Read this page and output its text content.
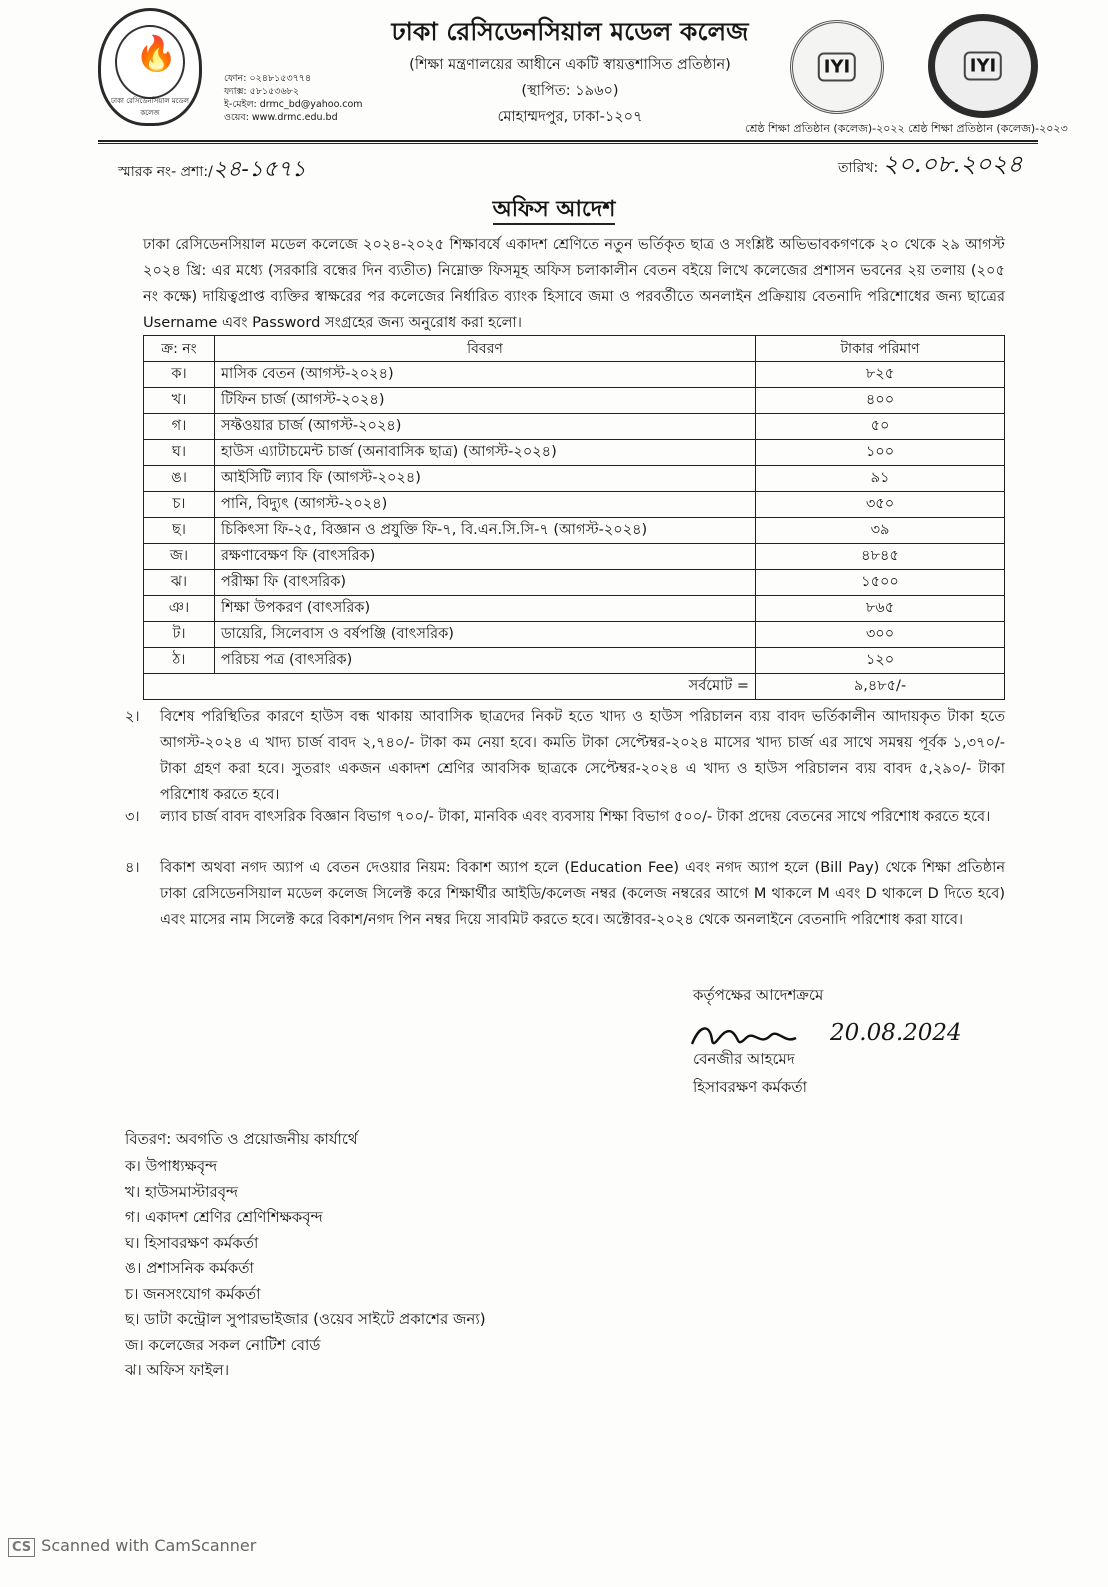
🔥
ঢাকা রেসিডেনসিয়াল মডেল কলেজ
ফোন: ০২৪৮১৫৩৭৭৪
ফ্যাক্স: ৫৮১৫৩৬৮২
ই-মেইল: drmc_bd@yahoo.com
ওয়েব: www.drmc.edu.bd
ঢাকা রেসিডেনসিয়াল মডেল কলেজ
(শিক্ষা মন্ত্রণালয়ের আধীনে একটি স্বায়ত্তশাসিত প্রতিষ্ঠান)
(স্থাপিত: ১৯৬০)
মোহাম্মদপুর, ঢাকা-১২০৭
IYI	IYI
শ্রেষ্ঠ শিক্ষা প্রতিষ্ঠান (কলেজ)-২০২২ শ্রেষ্ঠ শিক্ষা প্রতিষ্ঠান (কলেজ)-২০২৩
স্মারক নং- প্রশা:/২৪-১৫৭১	তারিখ: ২০.০৮.২০২৪
অফিস আদেশ
ঢাকা রেসিডেনসিয়াল মডেল কলেজে ২০২৪-২০২৫ শিক্ষাবর্ষে একাদশ শ্রেণিতে নতুন ভর্তিকৃত ছাত্র ও সংশ্লিষ্ট অভিভাবকগণকে ২০ থেকে ২৯ আগস্ট ২০২৪ খ্রি: এর মধ্যে (সরকারি বন্ধের দিন ব্যতীত) নিম্নোক্ত ফিসমূহ অফিস চলাকালীন বেতন বইয়ে লিখে কলেজের প্রশাসন ভবনের ২য় তলায় (২০৫ নং কক্ষে) দায়িত্বপ্রাপ্ত ব্যক্তির স্বাক্ষরের পর কলেজের নির্ধারিত ব্যাংক হিসাবে জমা ও পরবর্তীতে অনলাইন প্রক্রিয়ায় বেতনাদি পরিশোধের জন্য ছাত্রের Username এবং Password সংগ্রহের জন্য অনুরোধ করা হলো।
ক্র: নং	বিবরণ	টাকার পরিমাণ
ক।	মাসিক বেতন (আগস্ট-২০২৪)	৮২৫
খ।	টিফিন চার্জ (আগস্ট-২০২৪)	৪০০
গ।	সফ্টওয়ার চার্জ (আগস্ট-২০২৪)	৫০
ঘ।	হাউস এ্যাটাচমেন্ট চার্জ (অনাবাসিক ছাত্র) (আগস্ট-২০২৪)	১০০
ঙ।	আইসিটি ল্যাব ফি (আগস্ট-২০২৪)	৯১
চ।	পানি, বিদ্যুৎ (আগস্ট-২০২৪)	৩৫০
ছ।	চিকিৎসা ফি-২৫, বিজ্ঞান ও প্রযুক্তি ফি-৭, বি.এন.সি.সি-৭ (আগস্ট-২০২৪)	৩৯
জ।	রক্ষণাবেক্ষণ ফি (বাৎসরিক)	৪৮৪৫
ঝ।	পরীক্ষা ফি (বাৎসরিক)	১৫০০
ঞ।	শিক্ষা উপকরণ (বাৎসরিক)	৮৬৫
ট।	ডায়েরি, সিলেবাস ও বর্ষপঞ্জি (বাৎসরিক)	৩০০
ঠ।	পরিচয় পত্র (বাৎসরিক)	১২০
সর্বমোট =		৯,৪৮৫/-
২। বিশেষ পরিস্থিতির কারণে হাউস বন্ধ থাকায় আবাসিক ছাত্রদের নিকট হতে খাদ্য ও হাউস পরিচালন ব্যয় বাবদ ভর্তিকালীন আদায়কৃত টাকা হতে আগস্ট-২০২৪ এ খাদ্য চার্জ বাবদ ২,৭৪০/- টাকা কম নেয়া হবে। কমতি টাকা সেপ্টেম্বর-২০২৪ মাসের খাদ্য চার্জ এর সাথে সমন্বয় পূর্বক ১,৩৭০/- টাকা গ্রহণ করা হবে। সুতরাং একজন একাদশ শ্রেণির আবসিক ছাত্রকে সেপ্টেম্বর-২০২৪ এ খাদ্য ও হাউস পরিচালন ব্যয় বাবদ ৫,২৯০/- টাকা পরিশোধ করতে হবে।
৩। ল্যাব চার্জ বাবদ বাৎসরিক বিজ্ঞান বিভাগ ৭০০/- টাকা, মানবিক এবং ব্যবসায় শিক্ষা বিভাগ ৫০০/- টাকা প্রদেয় বেতনের সাথে পরিশোধ করতে হবে।
৪। বিকাশ অথবা নগদ অ্যাপ এ বেতন দেওয়ার নিয়ম: বিকাশ অ্যাপ হলে (Education Fee) এবং নগদ অ্যাপ হলে (Bill Pay) থেকে শিক্ষা প্রতিষ্ঠান ঢাকা রেসিডেনসিয়াল মডেল কলেজ সিলেক্ট করে শিক্ষার্থীর আইডি/কলেজ নম্বর (কলেজ নম্বরের আগে M থাকলে M এবং D থাকলে D দিতে হবে) এবং মাসের নাম সিলেক্ট করে বিকাশ/নগদ পিন নম্বর দিয়ে সাবমিট করতে হবে। অক্টোবর-২০২৪ থেকে অনলাইনে বেতনাদি পরিশোধ করা যাবে।
কর্তৃপক্ষের আদেশক্রমে
20.08.2024
বেনজীর আহমেদ
হিসাবরক্ষণ কর্মকর্তা
বিতরণ: অবগতি ও প্রয়োজনীয় কার্যার্থে
ক। উপাধ্যক্ষবৃন্দ
খ। হাউসমাস্টারবৃন্দ
গ। একাদশ শ্রেণির শ্রেণিশিক্ষকবৃন্দ
ঘ। হিসাবরক্ষণ কর্মকর্তা
ঙ। প্রশাসনিক কর্মকর্তা
চ। জনসংযোগ কর্মকর্তা
ছ। ডাটা কন্ট্রোল সুপারভাইজার (ওয়েব সাইটে প্রকাশের জন্য)
জ। কলেজের সকল নোটিশ বোর্ড
ঝ। অফিস ফাইল।
CS Scanned with CamScanner
